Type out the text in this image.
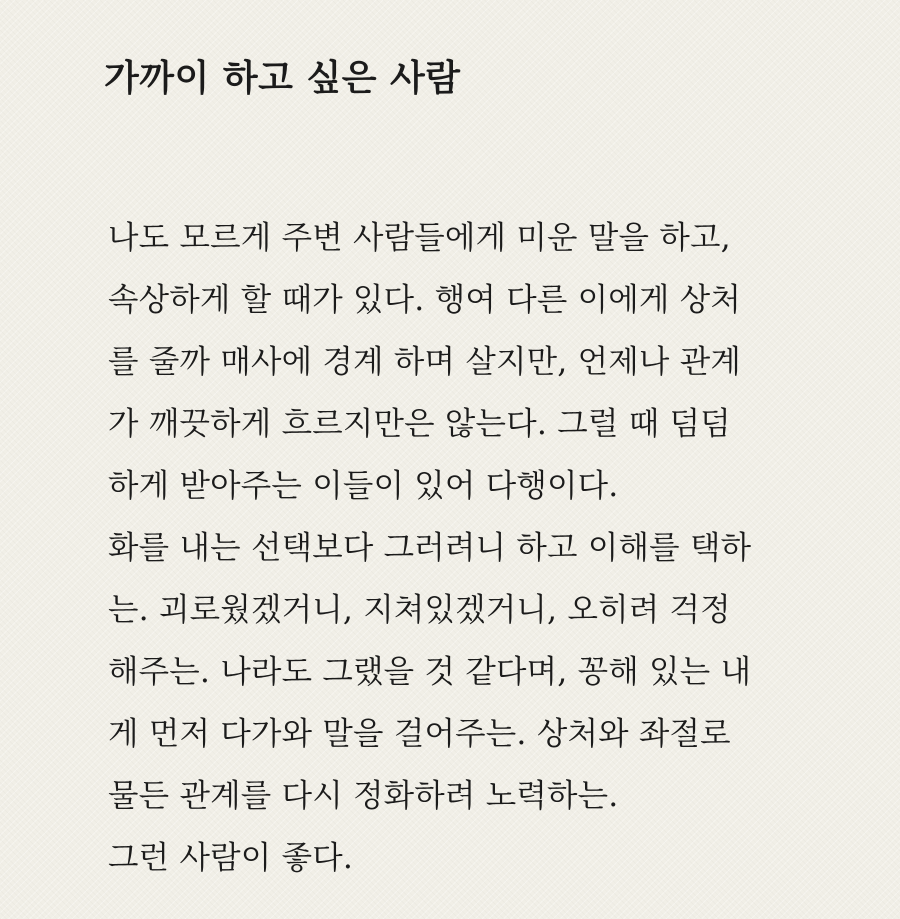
가까이 하고 싶은 사람
나도 모르게 주변 사람들에게 미운 말을 하고,
속상하게 할 때가 있다. 행여 다른 이에게 상처
를 줄까 매사에 경계 하며 살지만, 언제나 관계
가 깨끗하게 흐르지만은 않는다. 그럴 때 덤덤
하게 받아주는 이들이 있어 다행이다.
화를 내는 선택보다 그러려니 하고 이해를 택하
는. 괴로웠겠거니, 지쳐있겠거니, 오히려 걱정
해주는. 나라도 그랬을 것 같다며, 꽁해 있는 내
게 먼저 다가와 말을 걸어주는. 상처와 좌절로
물든 관계를 다시 정화하려 노력하는.
그런 사람이 좋다.
